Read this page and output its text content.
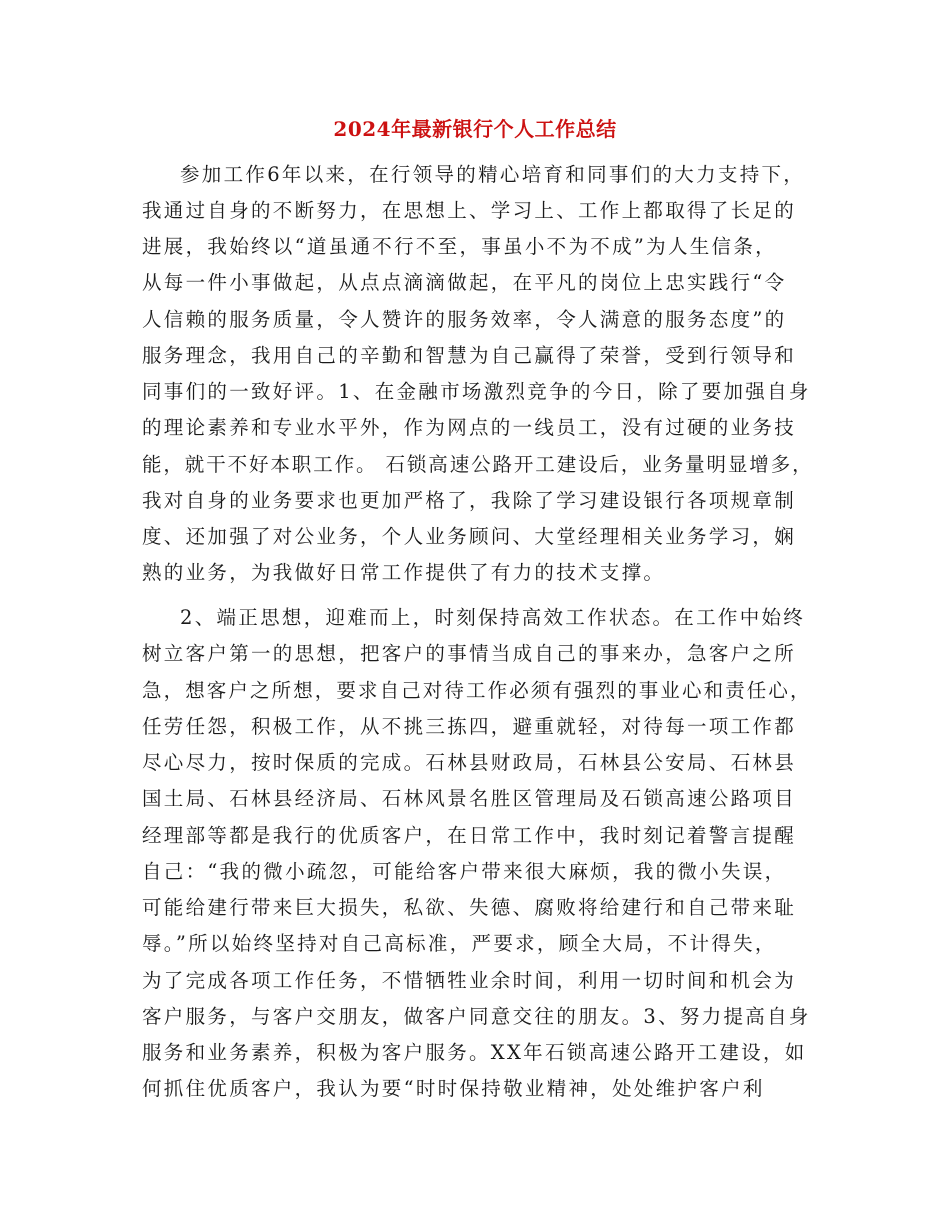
2024年最新银行个人工作总结
参加工作6年以来，在行领导的精心培育和同事们的大力支持下，
我通过自身的不断努力，在思想上、学习上、工作上都取得了长足的
进展，我始终以“道虽通不行不至，事虽小不为不成”为人生信条，
从每一件小事做起，从点点滴滴做起，在平凡的岗位上忠实践行“令
人信赖的服务质量，令人赞许的服务效率，令人满意的服务态度”的
服务理念，我用自己的辛勤和智慧为自己赢得了荣誉，受到行领导和
同事们的一致好评。1、在金融市场激烈竞争的今日，除了要加强自身
的理论素养和专业水平外，作为网点的一线员工，没有过硬的业务技
能，就干不好本职工作。 石锁高速公路开工建设后，业务量明显增多，
我对自身的业务要求也更加严格了，我除了学习建设银行各项规章制
度、还加强了对公业务，个人业务顾问、大堂经理相关业务学习，娴
熟的业务，为我做好日常工作提供了有力的技术支撑。
2、端正思想，迎难而上，时刻保持高效工作状态。在工作中始终
树立客户第一的思想，把客户的事情当成自己的事来办，急客户之所
急，想客户之所想，要求自己对待工作必须有强烈的事业心和责任心，
任劳任怨，积极工作，从不挑三拣四，避重就轻，对待每一项工作都
尽心尽力，按时保质的完成。石林县财政局，石林县公安局、石林县
国土局、石林县经济局、石林风景名胜区管理局及石锁高速公路项目
经理部等都是我行的优质客户，在日常工作中，我时刻记着警言提醒
自己：“我的微小疏忽，可能给客户带来很大麻烦，我的微小失误，
可能给建行带来巨大损失，私欲、失德、腐败将给建行和自己带来耻
辱。”所以始终坚持对自己高标准，严要求，顾全大局，不计得失，
为了完成各项工作任务，不惜牺牲业余时间，利用一切时间和机会为
客户服务，与客户交朋友，做客户同意交往的朋友。3、努力提高自身
服务和业务素养，积极为客户服务。XX年石锁高速公路开工建设，如
何抓住优质客户，我认为要“时时保持敬业精神，处处维护客户利
